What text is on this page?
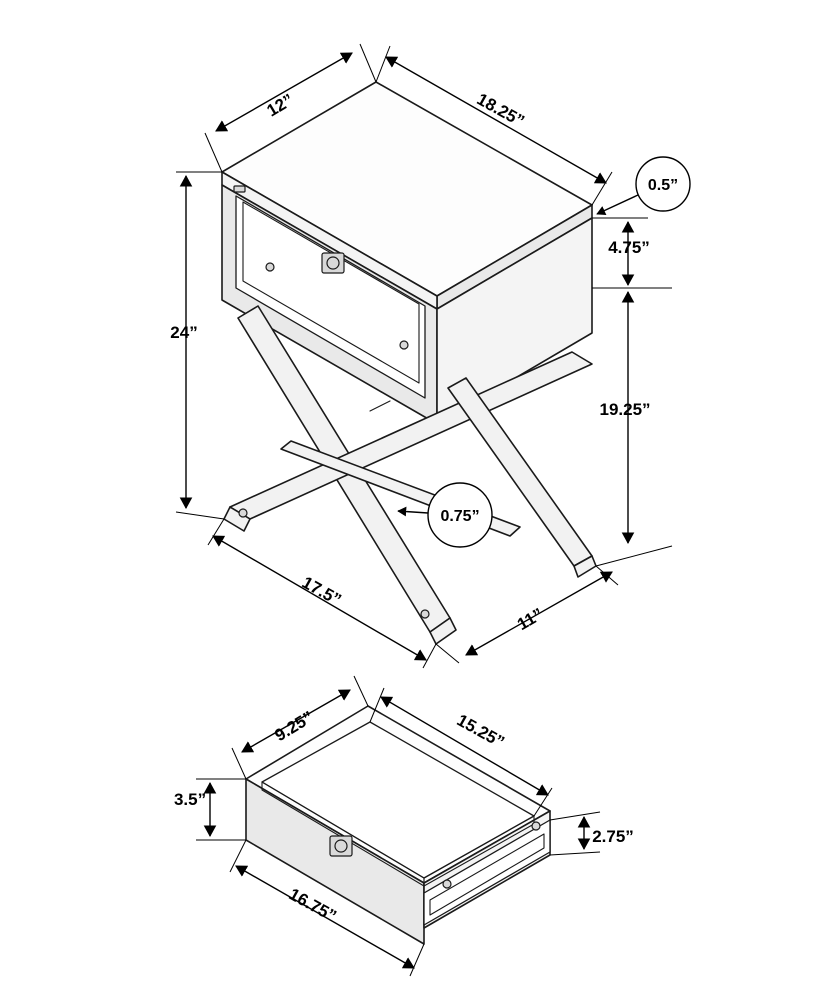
12”	18.25”
24”
4.75”
19.25”
17.5”
11”
0.5”
0.75”
9.25”	15.25”
3.5”
2.75”
16.75”
